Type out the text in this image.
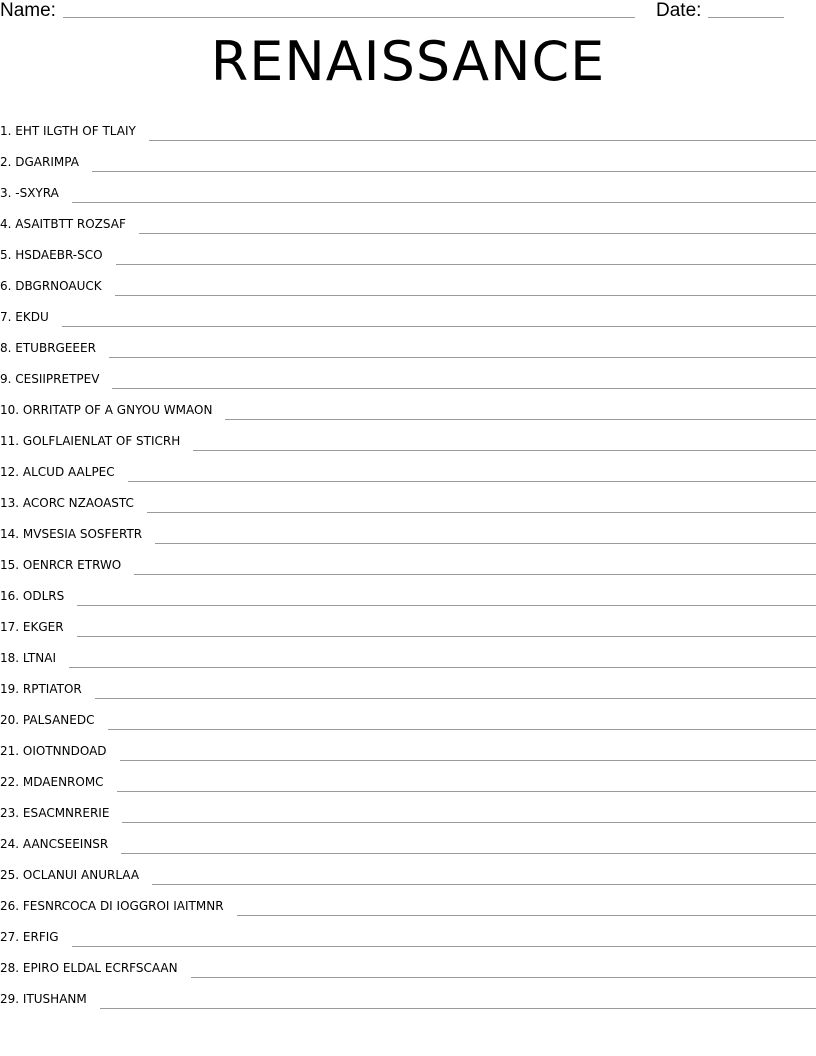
Name:	Date:
RENAISSANCE
1. EHT ILGTH OF TLAIY
2. DGARIMPA
3. -SXYRA
4. ASAITBTT ROZSAF
5. HSDAEBR-SCO
6. DBGRNOAUCK
7. EKDU
8. ETUBRGEEER
9. CESIIPRETPEV
10. ORRITATP OF A GNYOU WMAON
11. GOLFLAIENLAT OF STICRH
12. ALCUD AALPEC
13. ACORC NZAOASTC
14. MVSESIA SOSFERTR
15. OENRCR ETRWO
16. ODLRS
17. EKGER
18. LTNAI
19. RPTIATOR
20. PALSANEDC
21. OIOTNNDOAD
22. MDAENROMC
23. ESACMNRERIE
24. AANCSEEINSR
25. OCLANUI ANURLAA
26. FESNRCOCA DI IOGGROI IAITMNR
27. ERFIG
28. EPIRO ELDAL ECRFSCAAN
29. ITUSHANM
